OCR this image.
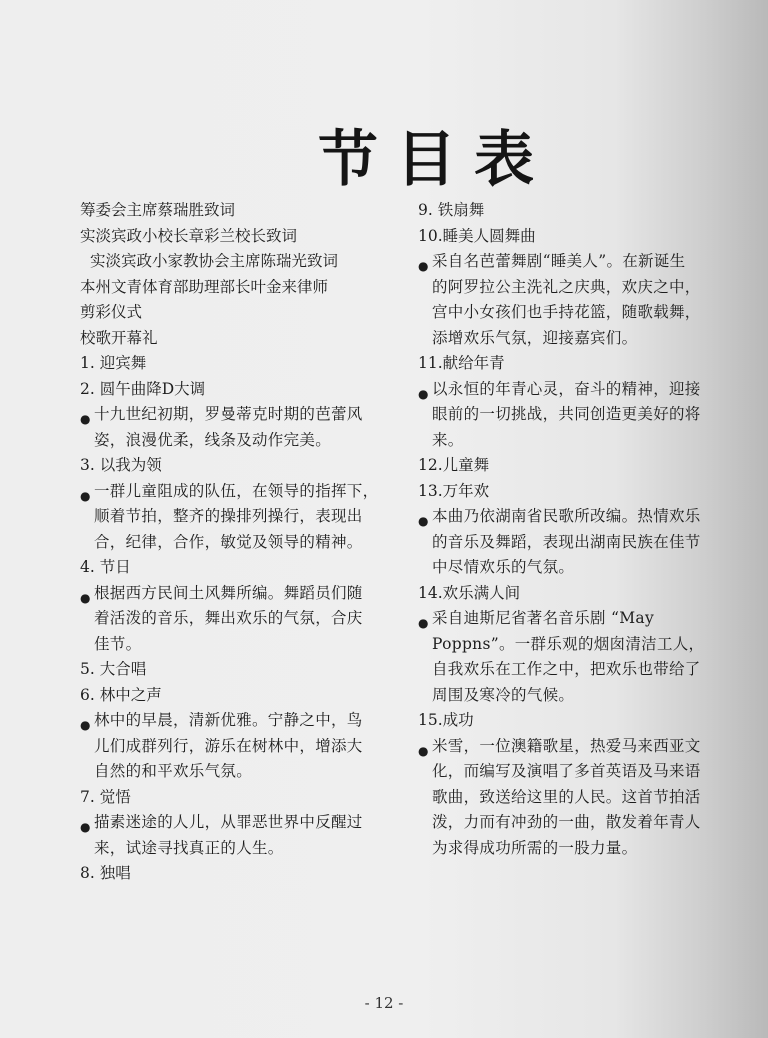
节目表
筹委会主席蔡瑞胜致词
实淡宾政小校长章彩兰校长致词
实淡宾政小家教协会主席陈瑞光致词
本州文青体育部助理部长叶金来律师
剪彩仪式
校歌开幕礼
1. 迎宾舞
2. 圆午曲降D大调
● 十九世纪初期，罗曼蒂克时期的芭蕾风
姿，浪漫优柔，线条及动作完美。
3. 以我为领
● 一群儿童阻成的队伍，在领导的指挥下，
顺着节拍，整齐的操排列操行，表现出
合，纪律，合作，敏觉及领导的精神。
4. 节日
● 根据西方民间土风舞所编。舞蹈员们随
着活泼的音乐，舞出欢乐的气氛，合庆
佳节。
5. 大合唱
6. 林中之声
● 林中的早晨，清新优雅。宁静之中，鸟
儿们成群列行，游乐在树林中，增添大
自然的和平欢乐气氛。
7. 觉悟
● 描素迷途的人儿，从罪恶世界中反醒过
来，试途寻找真正的人生。
8. 独唱
9. 铁扇舞
10.睡美人圆舞曲
● 采自名芭蕾舞剧“睡美人”。在新诞生
的阿罗拉公主洗礼之庆典，欢庆之中，
宫中小女孩们也手持花篮，随歌载舞，
添增欢乐气氛，迎接嘉宾们。
11.献给年青
● 以永恒的年青心灵，奋斗的精神，迎接
眼前的一切挑战，共同创造更美好的将
来。
12.儿童舞
13.万年欢
● 本曲乃依湖南省民歌所改编。热情欢乐
的音乐及舞蹈，表现出湖南民族在佳节
中尽情欢乐的气氛。
14.欢乐满人间
● 采自迪斯尼省著名音乐剧 “May
Poppns”。一群乐观的烟囱清洁工人，
自我欢乐在工作之中，把欢乐也带给了
周围及寒冷的气候。
15.成功
● 米雪，一位澳籍歌星，热爱马来西亚文
化，而编写及演唱了多首英语及马来语
歌曲，致送给这里的人民。这首节拍活
泼，力而有冲劲的一曲，散发着年青人
为求得成功所需的一股力量。
- 12 -
